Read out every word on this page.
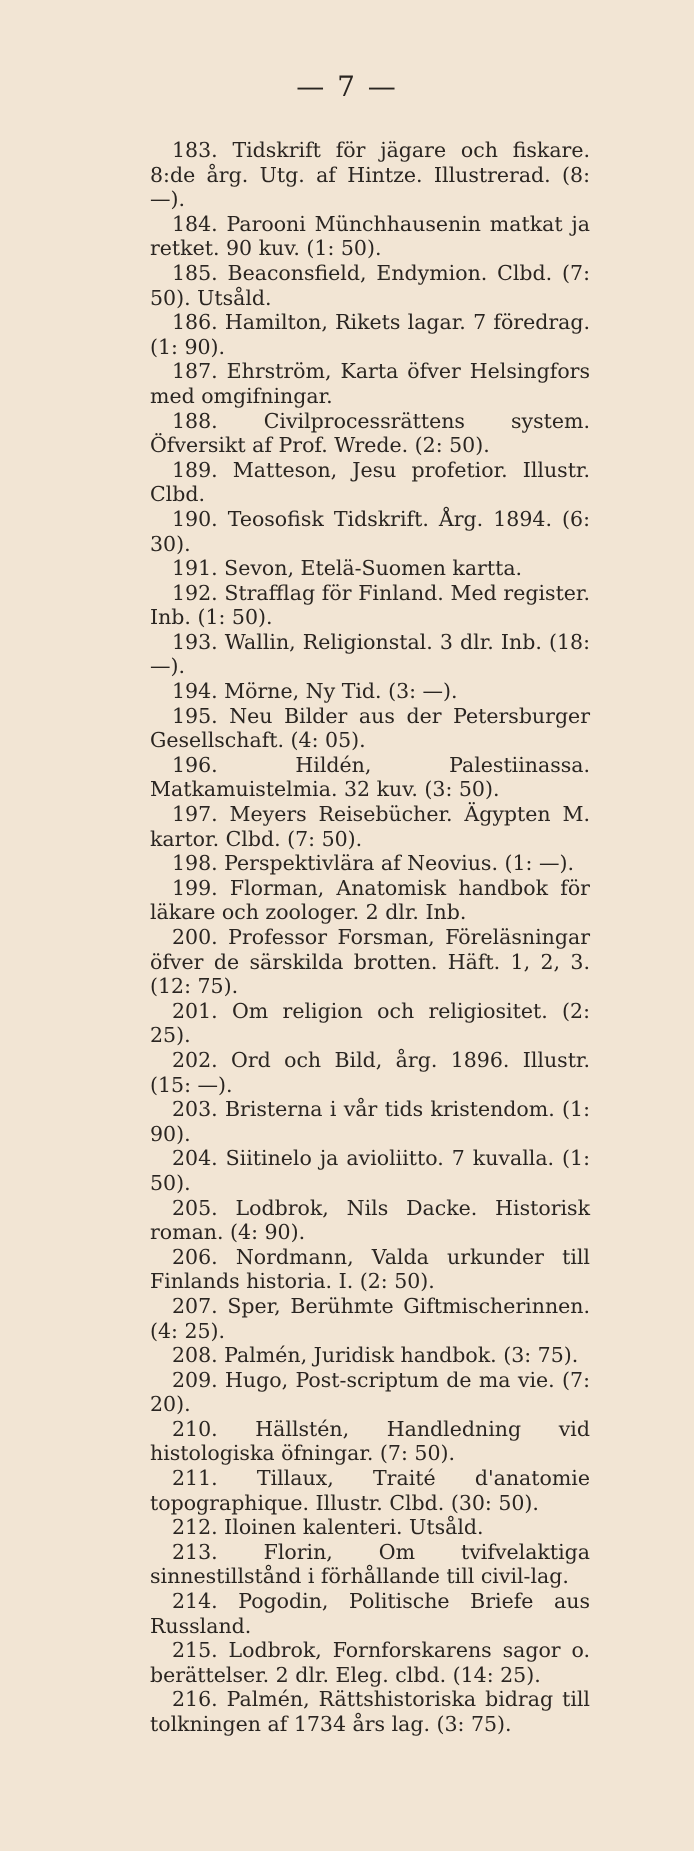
— 7 —

183. Tidskrift för jägare och fiskare. 8:de årg. Utg. af Hintze. Illustrerad. (8:—).

184. Parooni Münchhausenin matkat ja retket. 90 kuv. (1: 50).

185. Beaconsfield, Endymion. Clbd. (7: 50). Utsåld.

186. Hamilton, Rikets lagar. 7 föredrag. (1: 90).

187. Ehrström, Karta öfver Helsingfors med omgifningar.

188. Civilprocessrättens system. Öfversikt af Prof. Wrede. (2: 50).

189. Matteson, Jesu profetior. Illustr. Clbd.

190. Teosofisk Tidskrift. Årg. 1894. (6: 30).

191. Sevon, Etelä-Suomen kartta.

192. Strafflag för Finland. Med register. Inb. (1: 50).

193. Wallin, Religionstal. 3 dlr. Inb. (18: —).

194. Mörne, Ny Tid. (3: —).

195. Neu Bilder aus der Petersburger Gesellschaft. (4: 05).

196. Hildén, Palestiinassa. Matkamuistelmia. 32 kuv. (3: 50).

197. Meyers Reisebücher. Ägypten M. kartor. Clbd. (7: 50).

198. Perspektivlära af Neovius. (1: —).

199. Florman, Anatomisk handbok för läkare och zoologer. 2 dlr. Inb.

200. Professor Forsman, Föreläsningar öfver de särskilda brotten. Häft. 1, 2, 3. (12: 75).

201. Om religion och religiositet. (2: 25).

202. Ord och Bild, årg. 1896. Illustr. (15: —).

203. Bristerna i vår tids kristendom. (1: 90).

204. Siitinelo ja avioliitto. 7 kuvalla. (1: 50).

205. Lodbrok, Nils Dacke. Historisk roman. (4: 90).

206. Nordmann, Valda urkunder till Finlands historia. I. (2: 50).

207. Sper, Berühmte Giftmischerinnen. (4: 25).

208. Palmén, Juridisk handbok. (3: 75).

209. Hugo, Post-scriptum de ma vie. (7: 20).

210. Hällstén, Handledning vid histologiska öfningar. (7: 50).

211. Tillaux, Traité d'anatomie topographique. Illustr. Clbd. (30: 50).

212. Iloinen kalenteri. Utsåld.

213. Florin, Om tvifvelaktiga sinnestillstånd i förhållande till civil-lag.

214. Pogodin, Politische Briefe aus Russland.

215. Lodbrok, Fornforskarens sagor o. berättelser. 2 dlr. Eleg. clbd. (14: 25).

216. Palmén, Rättshistoriska bidrag till tolkningen af 1734 års lag. (3: 75).
